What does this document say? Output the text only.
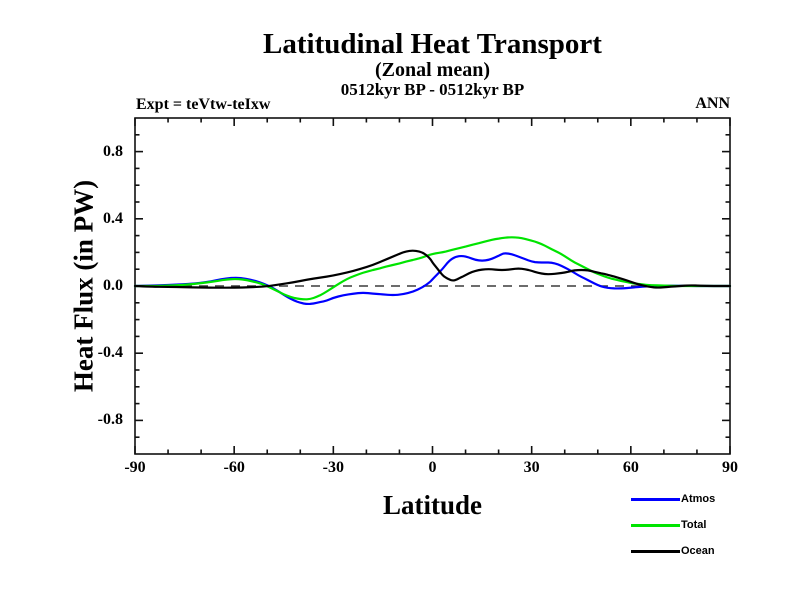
Latitudinal Heat Transport
(Zonal mean)
0512kyr BP - 0512kyr BP
Expt = teVtw-teIxw	ANN
Heat Flux (in PW)
Latitude
-90	-60	-30	0	30	60	90
-0.8
-0.4
0.0
0.4
0.8
Atmos
Total
Ocean
